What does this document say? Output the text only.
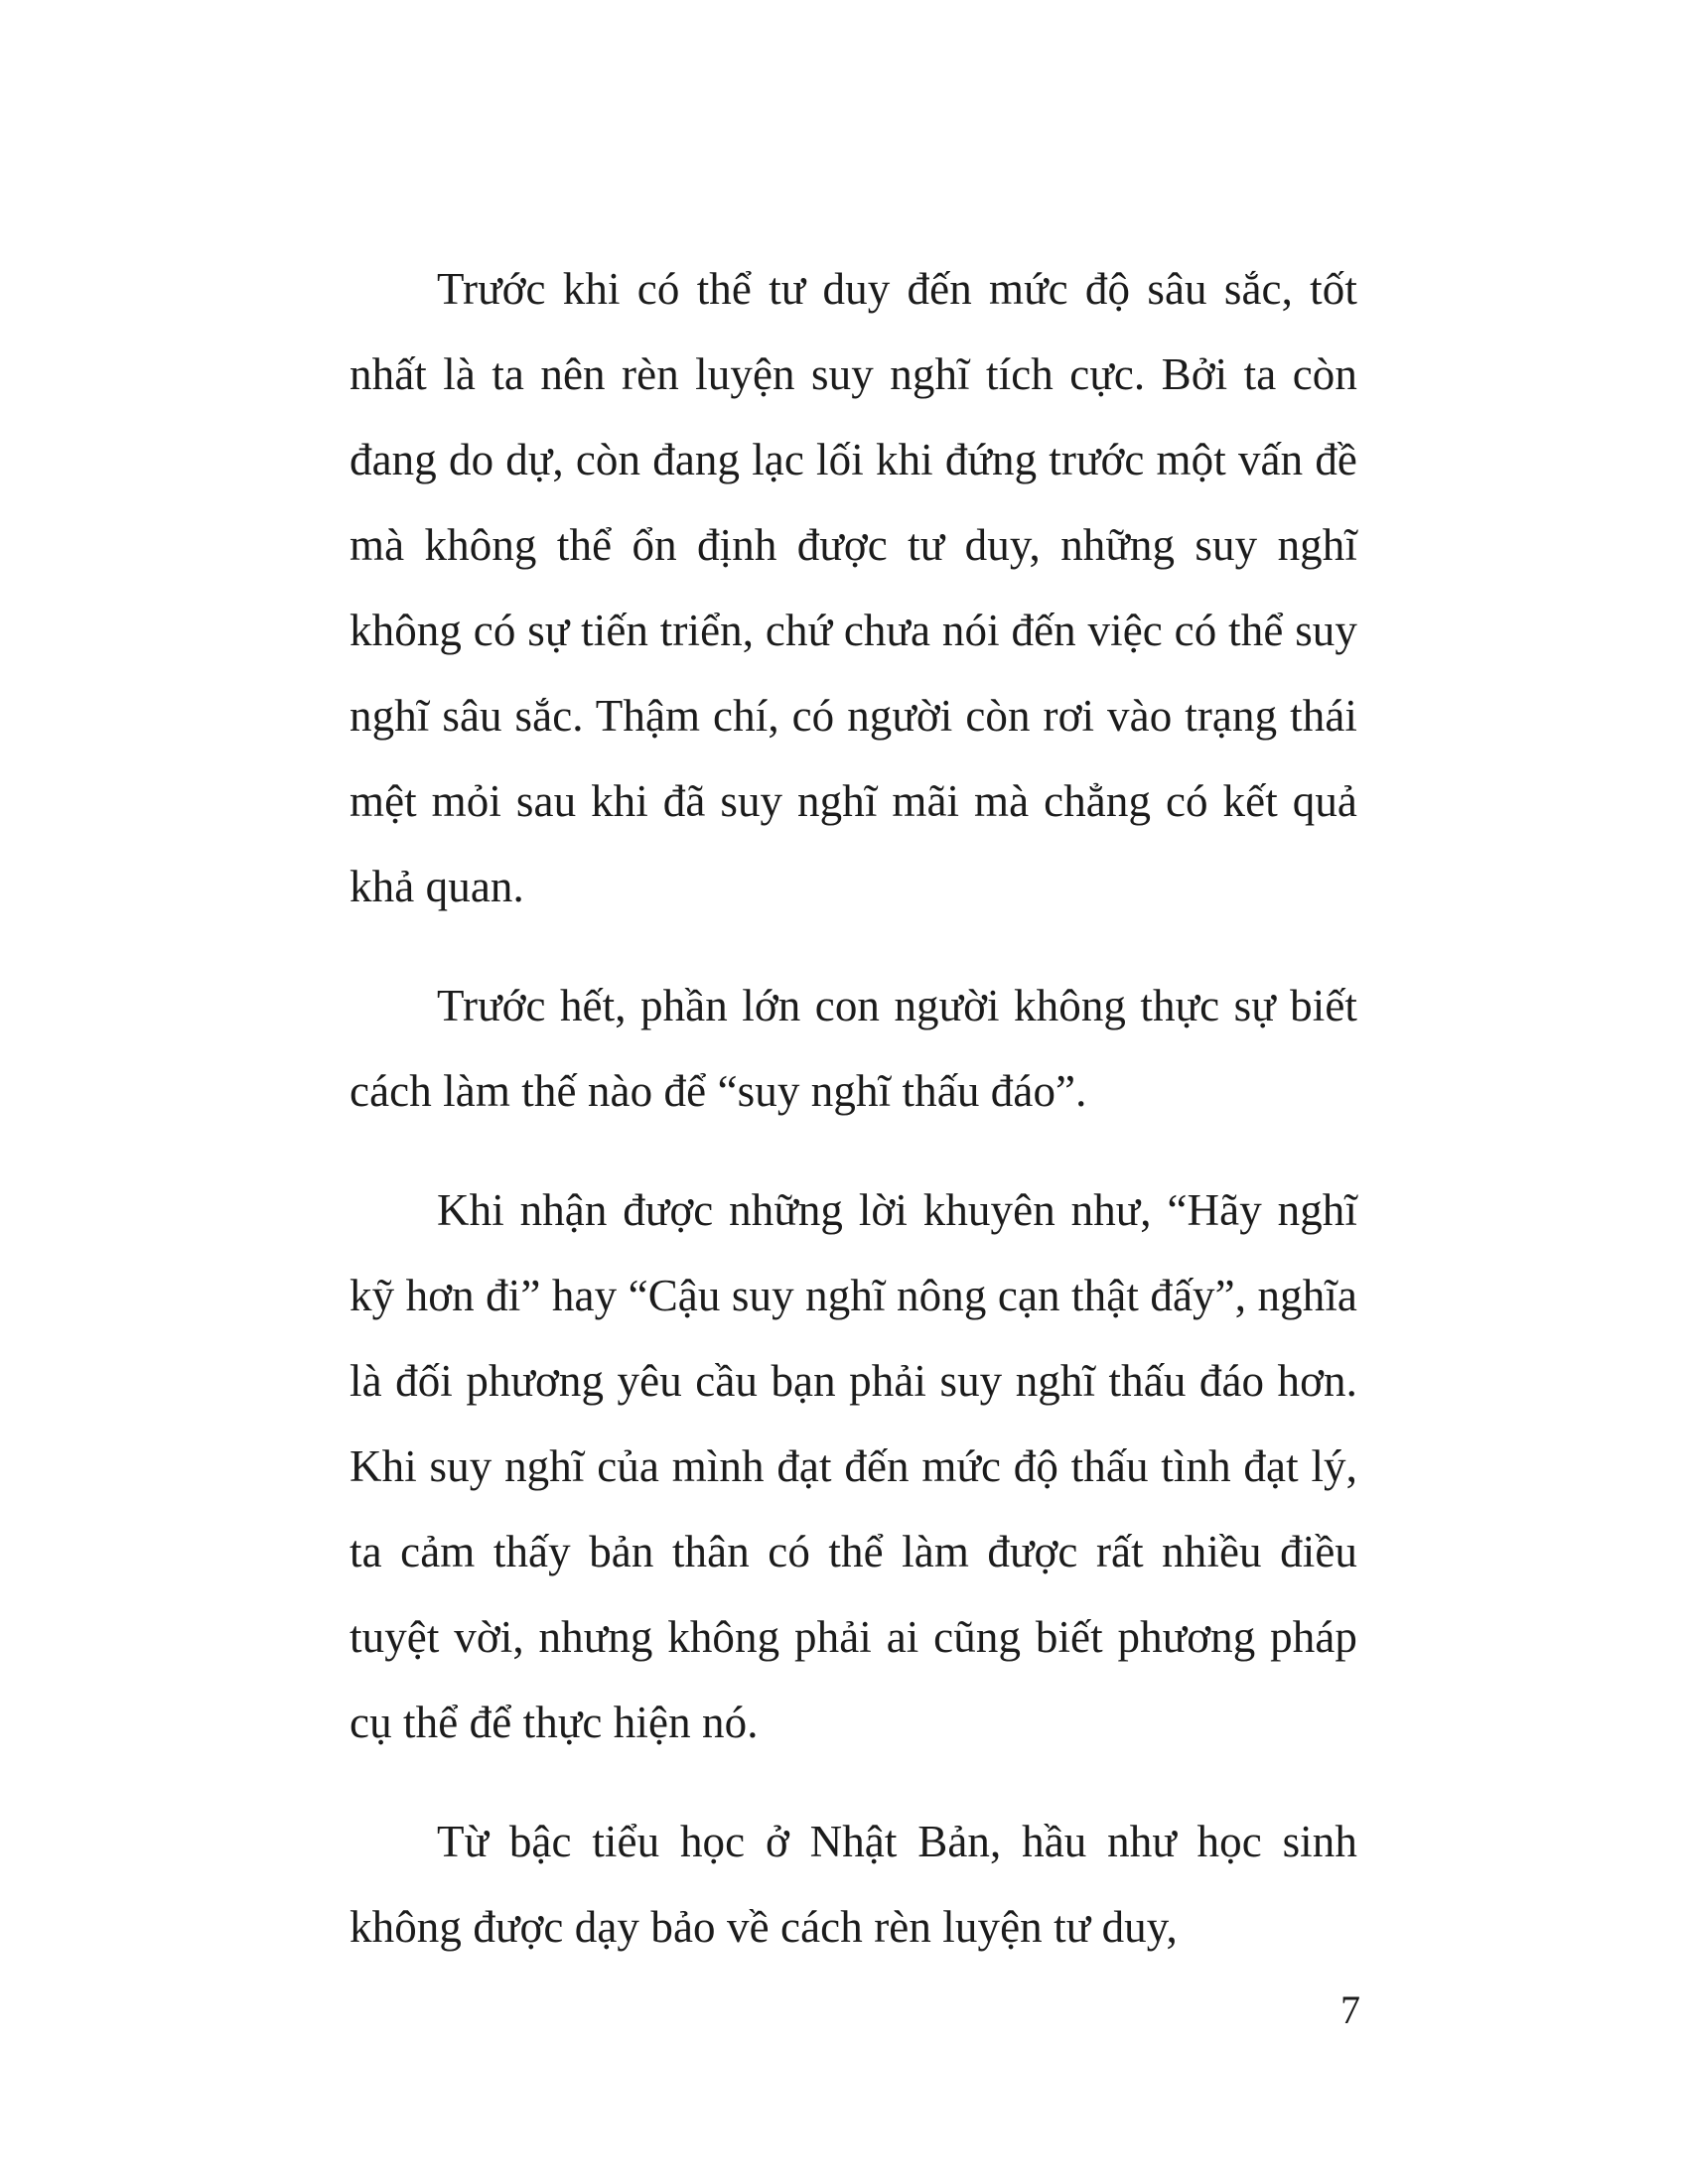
Trước khi có thể tư duy đến mức độ sâu sắc, tốt nhất là ta nên rèn luyện suy nghĩ tích cực. Bởi ta còn đang do dự, còn đang lạc lối khi đứng trước một vấn đề mà không thể ổn định được tư duy, những suy nghĩ không có sự tiến triển, chứ chưa nói đến việc có thể suy nghĩ sâu sắc. Thậm chí, có người còn rơi vào trạng thái mệt mỏi sau khi đã suy nghĩ mãi mà chẳng có kết quả khả quan.

Trước hết, phần lớn con người không thực sự biết cách làm thế nào để “suy nghĩ thấu đáo”.

Khi nhận được những lời khuyên như, “Hãy nghĩ kỹ hơn đi” hay “Cậu suy nghĩ nông cạn thật đấy”, nghĩa là đối phương yêu cầu bạn phải suy nghĩ thấu đáo hơn. Khi suy nghĩ của mình đạt đến mức độ thấu tình đạt lý, ta cảm thấy bản thân có thể làm được rất nhiều điều tuyệt vời, nhưng không phải ai cũng biết phương pháp cụ thể để thực hiện nó.

Từ bậc tiểu học ở Nhật Bản, hầu như học sinh không được dạy bảo về cách rèn luyện tư duy,

7
